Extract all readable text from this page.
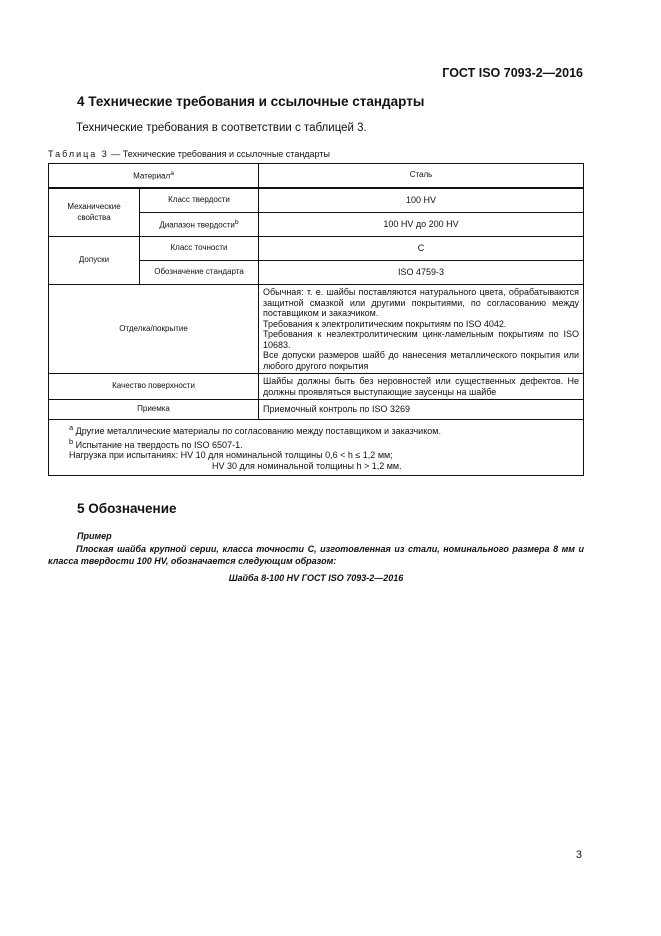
ГОСТ ISO 7093-2—2016
4 Технические требования и ссылочные стандарты
Технические требования в соответствии с таблицей 3.
Таблица 3 — Технические требования и ссылочные стандарты
Материал$^a$		Сталь
Механические свойства	Класс твердости	100 HV
	Диапазон твердости$^b$	100 HV до 200 HV
Допуски	Класс точности	С
	Обозначение стандарта	ISO 4759-3
Отделка/покрытие		Обычная: т. е. шайбы поставляются натурального цвета, обрабатываются защитной смазкой или другими покрытиями, по согласованию между поставщиком и заказчиком.
Требования к электролитическим покрытиям по ISO 4042.
Требования к неэлектролитическим цинк-ламельным покрытиям по ISO 10683.
Все допуски размеров шайб до нанесения металлического покрытия или любого другого покрытия

Качество поверхности		Шайбы должны быть без неровностей или существенных дефектов. Не должны проявляться выступающие заусенцы на шайбе
Приемка		Приемочный контроль по ISO 3269

$^a$ Другие металлические материалы по согласованию между поставщиком и заказчиком.

$^b$ Испытание на твердость по ISO 6507-1.

Нагрузка при испытаниях: HV 10 для номинальной толщины 0,6 < h ≤ 1,2 мм;

HV 30 для номинальной толщины h > 1,2 мм.		

5 Обозначение
Пример
Плоская шайба крупной серии, класса точности С, изготовленная из стали, номинального размера 8 мм и класса твердости 100 HV, обозначается следующим образом:
Шайба 8-100 HV ГОСТ ISO 7093-2—2016
3
